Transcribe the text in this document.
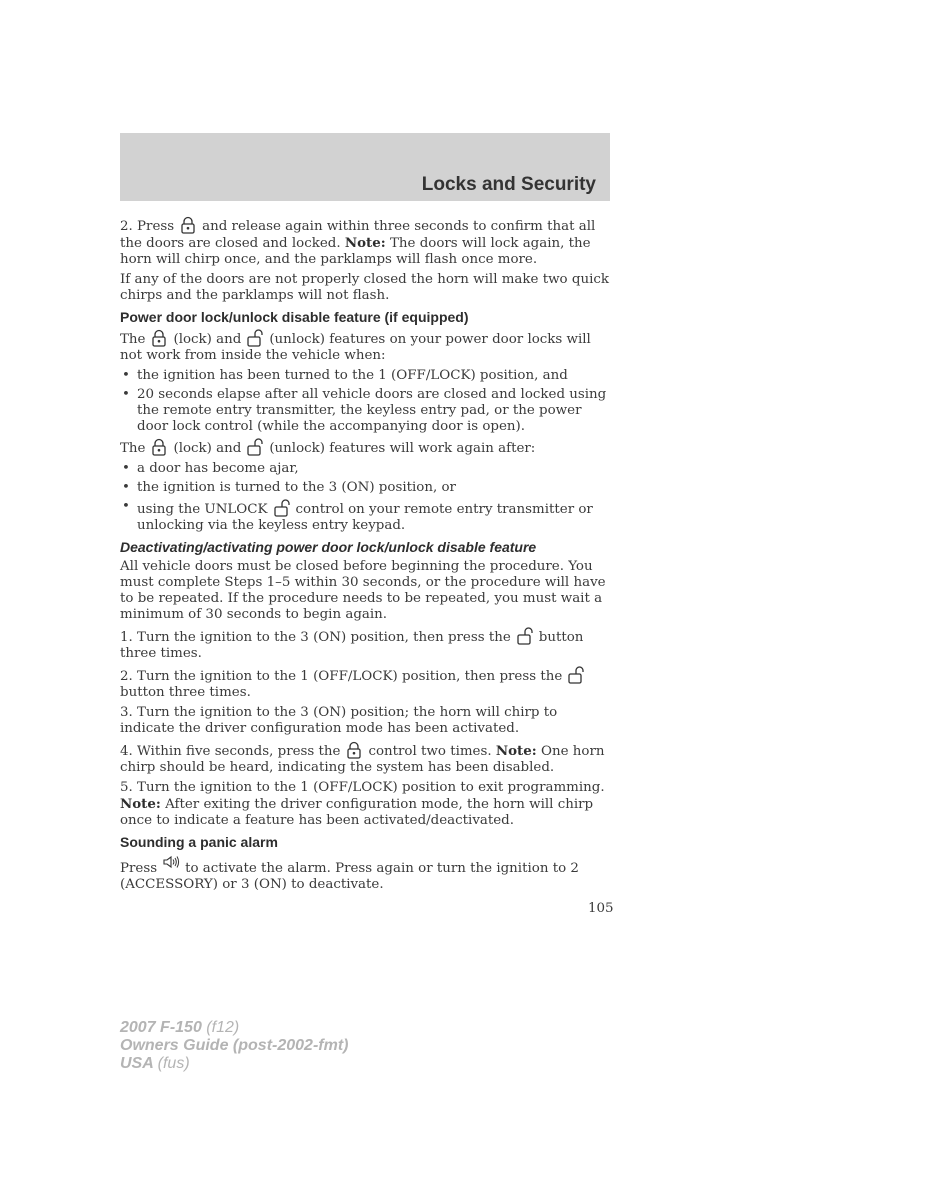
Locks and Security

2. Press and release again within three seconds to confirm that all the doors are closed and locked. Note: The doors will lock again, the horn will chirp once, and the parklamps will flash once more.

If any of the doors are not properly closed the horn will make two quick chirps and the parklamps will not flash.

Power door lock/unlock disable feature (if equipped)

The (lock) and (unlock) features on your power door locks will not work from inside the vehicle when:

• the ignition has been turned to the 1 (OFF/LOCK) position, and
• 20 seconds elapse after all vehicle doors are closed and locked using the remote entry transmitter, the keyless entry pad, or the power door lock control (while the accompanying door is open).

The (lock) and (unlock) features will work again after:

• a door has become ajar,
• the ignition is turned to the 3 (ON) position, or
• using the UNLOCK control on your remote entry transmitter or unlocking via the keyless entry keypad.
Deactivating/activating power door lock/unlock disable feature

All vehicle doors must be closed before beginning the procedure. You must complete Steps 1–5 within 30 seconds, or the procedure will have to be repeated. If the procedure needs to be repeated, you must wait a minimum of 30 seconds to begin again.

1. Turn the ignition to the 3 (ON) position, then press the button three times.

2. Turn the ignition to the 1 (OFF/LOCK) position, then press the
button three times.

3. Turn the ignition to the 3 (ON) position; the horn will chirp to indicate the driver configuration mode has been activated.

4. Within five seconds, press the control two times. Note: One horn chirp should be heard, indicating the system has been disabled.

5. Turn the ignition to the 1 (OFF/LOCK) position to exit programming. Note: After exiting the driver configuration mode, the horn will chirp once to indicate a feature has been activated/deactivated.

Sounding a panic alarm

Press to activate the alarm. Press again or turn the ignition to 2 (ACCESSORY) or 3 (ON) to deactivate.

105
2007 F-150 (f12)
Owners Guide (post-2002-fmt)
USA (fus)
